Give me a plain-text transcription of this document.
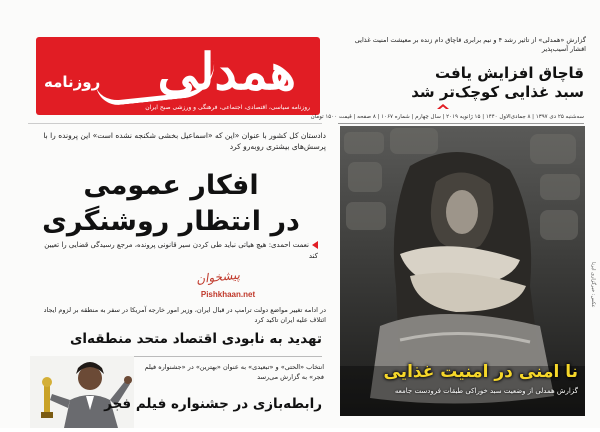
همدلی
روزنامه
روزنامه سیاسی، اقتصادی، اجتماعی، فرهنگی و ورزشی صبح ایران
گزارش «همدلی» از تاثیر رشد ۴ و نیم برابری قاچاق دام زنده بر معیشت امنیت غذایی اقشار آسیب‌پذیر
قاچاق افزایش یافت
سبد غذایی کوچک‌تر شد
سه‌شنبه ۲۵ دی ۱۳۹۷ | ۸ جمادی‌الاول ۱۴۴۰ | ۱۵ ژانویه ۲۰۱۹ | سال چهارم | شماره ۱۰۶۷ | ۸ صفحه | قیمت ۱۵۰۰ تومان
دادستان کل کشور با عنوان «این که «اسماعیل بخشی شکنجه نشده است» این پرونده را با پرسش‌های بیشتری روبه‌رو کرد
افکار عمومی
در انتظار روشنگری
نعمت احمدی: هیچ هیاتی نباید طی کردن سیر قانونی پرونده، مرجع رسیدگی قضایی را تعیین کند
پیشخوان
Pishkhaan.net
در ادامه تغییر مواضع دولت ترامپ در قبال ایران، وزیر امور خارجه آمریکا در سفر به منطقه بر لزوم ایجاد ائتلاف علیه ایران تاکید کرد
تهدید به نابودی اقتصاد متحد منطقه‌ای
انتخاب «الحتی» و «تبعیدی» به عنوان «بهترین» در «جشنواره فیلم فجر» به گزارش می‌رسد
رابطه‌بازی در جشنواره فیلم فجر
نا امنی در امنیت غذایی
گزارش همدلی از وضعیت سبد خوراکی طبقات فرودست جامعه
عکس: خبرگزاری ایرنا
